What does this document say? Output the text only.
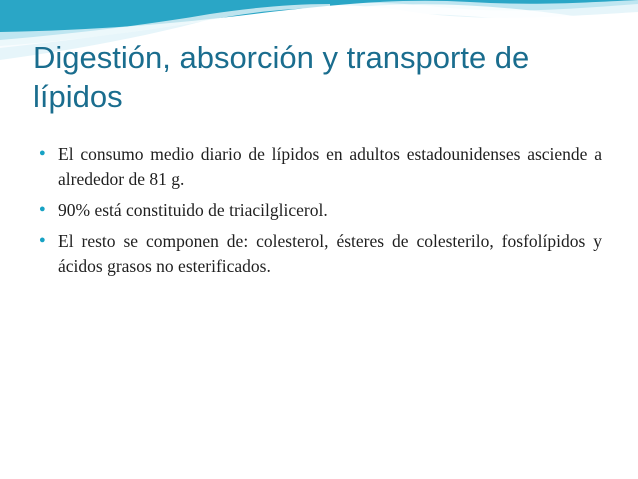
Digestión, absorción y transporte de lípidos
● El consumo medio diario de lípidos en adultos estadounidenses asciende a alrededor de 81 g.
● 90% está constituido de triacilglicerol.
● El resto se componen de: colesterol, ésteres de colesterilo, fosfolípidos y ácidos grasos no esterificados.
